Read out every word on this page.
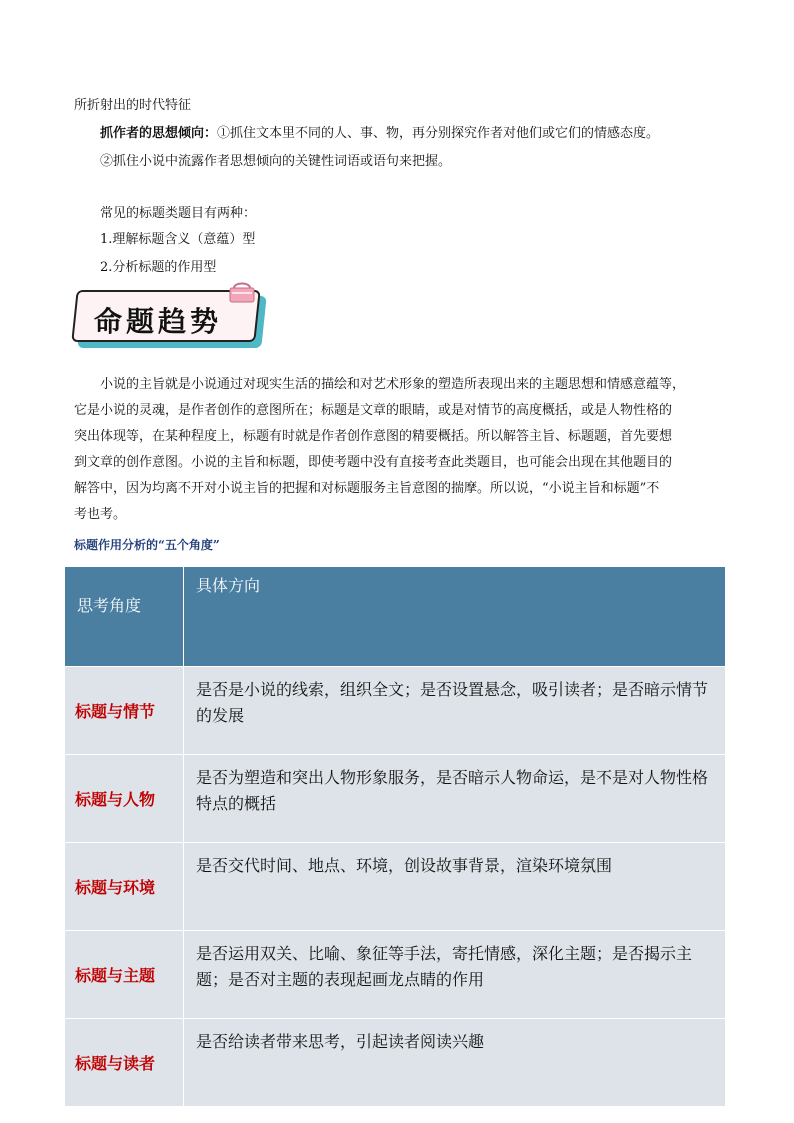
所折射出的时代特征
抓作者的思想倾向：①抓住文本里不同的人、事、物，再分别探究作者对他们或它们的情感态度。
②抓住小说中流露作者思想倾向的关键性词语或语句来把握。
常见的标题类题目有两种：
1.理解标题含义（意蕴）型
2.分析标题的作用型
命题趋势
小说的主旨就是小说通过对现实生活的描绘和对艺术形象的塑造所表现出来的主题思想和情感意蕴等，
它是小说的灵魂，是作者创作的意图所在；标题是文章的眼睛，或是对情节的高度概括，或是人物性格的
突出体现等，在某种程度上，标题有时就是作者创作意图的精要概括。所以解答主旨、标题题，首先要想
到文章的创作意图。小说的主旨和标题，即使考题中没有直接考查此类题目，也可能会出现在其他题目的
解答中，因为均离不开对小说主旨的把握和对标题服务主旨意图的揣摩。所以说，“小说主旨和标题”不
考也考。
标题作用分析的“五个角度”
思考角度	具体方向
标题与情节	是否是小说的线索，组织全文；是否设置悬念，吸引读者；是否暗示情节的发展
标题与人物	是否为塑造和突出人物形象服务，是否暗示人物命运，是不是对人物性格特点的概括
标题与环境	是否交代时间、地点、环境，创设故事背景，渲染环境氛围
标题与主题	是否运用双关、比喻、象征等手法，寄托情感，深化主题；是否揭示主题；是否对主题的表现起画龙点睛的作用
标题与读者	是否给读者带来思考，引起读者阅读兴趣
